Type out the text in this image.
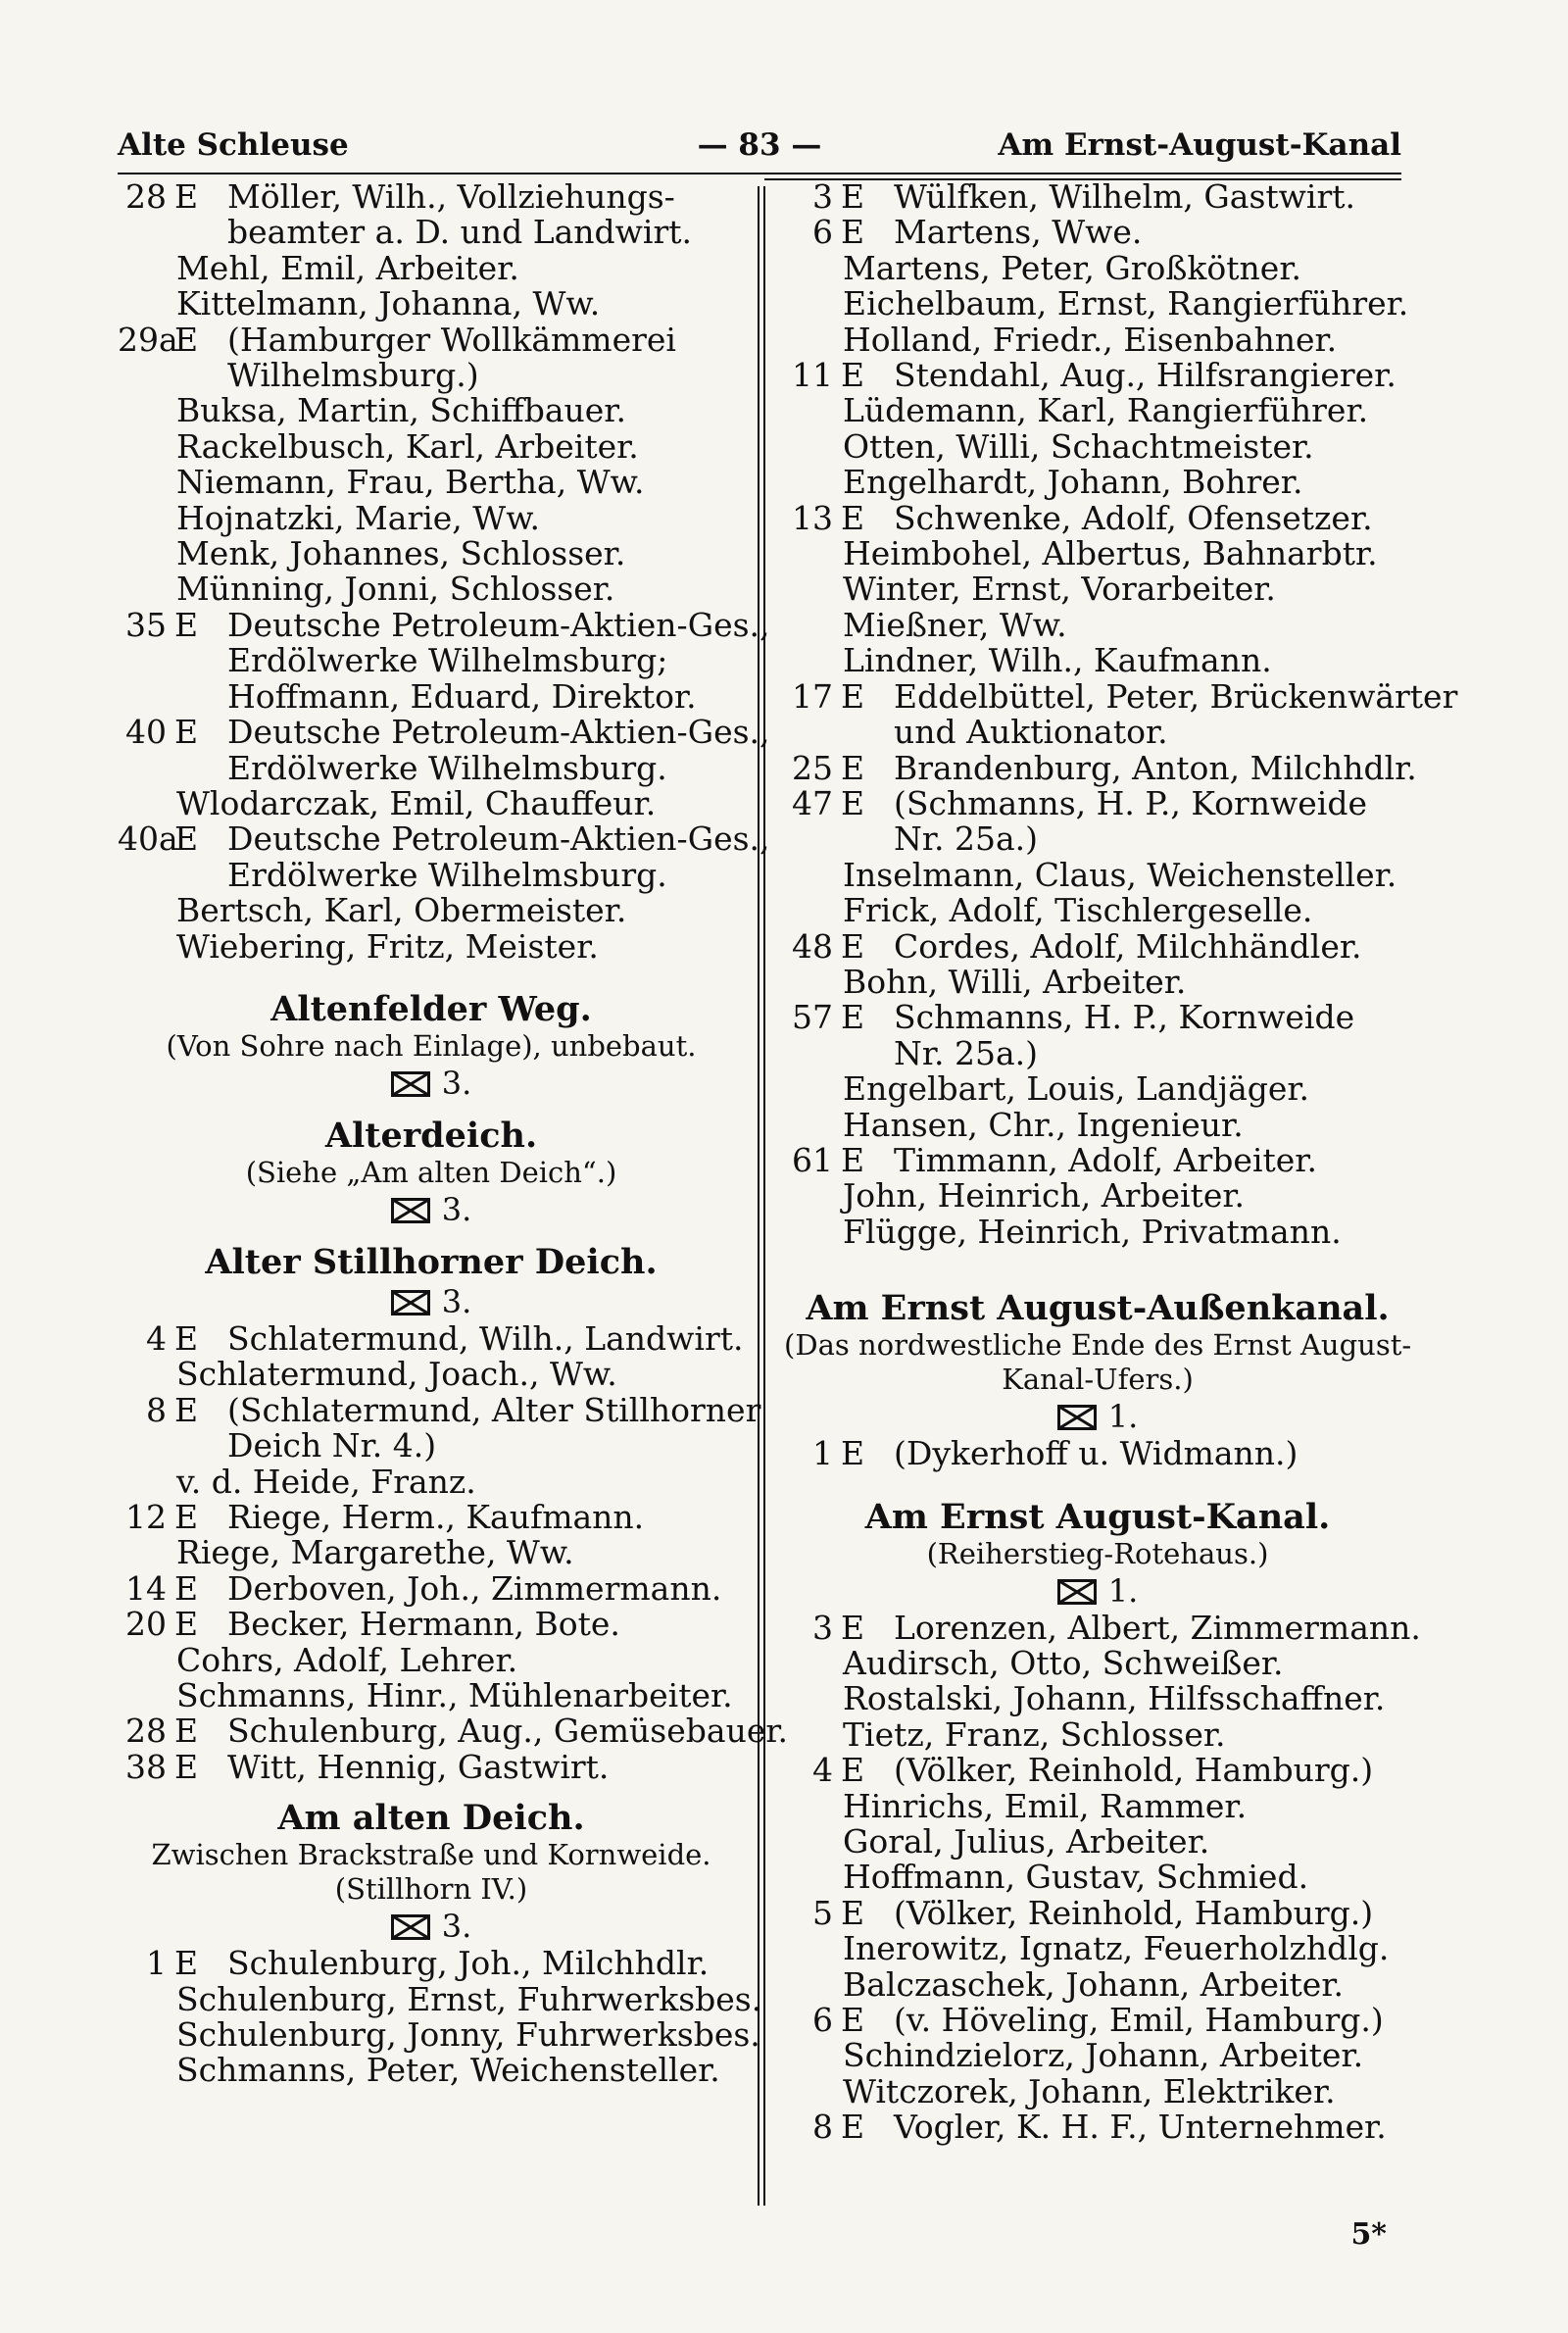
Alte Schleuse	— 83 —	Am Ernst-August-Kanal
28 E Möller, Wilh., Vollziehungs-
beamter a. D. und Landwirt.
Mehl, Emil, Arbeiter.
Kittelmann, Johanna, Ww.
29a
E (Hamburger Wollkämmerei
Wilhelmsburg.)
Buksa, Martin, Schiffbauer.
Rackelbusch, Karl, Arbeiter.
Niemann, Frau, Bertha, Ww.
Hojnatzki, Marie, Ww.
Menk, Johannes, Schlosser.
Münning, Jonni, Schlosser.
35 E Deutsche Petroleum-Aktien-Ges.,
Erdölwerke Wilhelmsburg;
Hoffmann, Eduard, Direktor.
40 E Deutsche Petroleum-Aktien-Ges.,
Erdölwerke Wilhelmsburg.
Wlodarczak, Emil, Chauffeur.
40a
E Deutsche Petroleum-Aktien-Ges.,
Erdölwerke Wilhelmsburg.
Bertsch, Karl, Obermeister.
Wiebering, Fritz, Meister.
Altenfelder Weg.
(Von Sohre nach Einlage), unbebaut.
3.
Alterdeich.
(Siehe „Am alten Deich“.)
3.
Alter Stillhorner Deich.
3.
4 E Schlatermund, Wilh., Landwirt.
Schlatermund, Joach., Ww.
8 E (Schlatermund, Alter Stillhorner
Deich Nr. 4.)
v. d. Heide, Franz.
12 E Riege, Herm., Kaufmann.
Riege, Margarethe, Ww.
14 E Derboven, Joh., Zimmermann.
20 E Becker, Hermann, Bote.
Cohrs, Adolf, Lehrer.
Schmanns, Hinr., Mühlenarbeiter.
28 E Schulenburg, Aug., Gemüsebauer.
38 E Witt, Hennig, Gastwirt.
Am alten Deich.
Zwischen Brackstraße und Kornweide.
(Stillhorn IV.)
3.
1 E Schulenburg, Joh., Milchhdlr.
Schulenburg, Ernst, Fuhrwerksbes.
Schulenburg, Jonny, Fuhrwerksbes.
Schmanns, Peter, Weichensteller.
3 E Wülfken, Wilhelm, Gastwirt.
6 E Martens, Wwe.
Martens, Peter, Großkötner.
Eichelbaum, Ernst, Rangierführer.
Holland, Friedr., Eisenbahner.
11 E Stendahl, Aug., Hilfsrangierer.
Lüdemann, Karl, Rangierführer.
Otten, Willi, Schachtmeister.
Engelhardt, Johann, Bohrer.
13 E Schwenke, Adolf, Ofensetzer.
Heimbohel, Albertus, Bahnarbtr.
Winter, Ernst, Vorarbeiter.
Mießner, Ww.
Lindner, Wilh., Kaufmann.
17 E Eddelbüttel, Peter, Brückenwärter
und Auktionator.
25 E Brandenburg, Anton, Milchhdlr.
47 E (Schmanns, H. P., Kornweide
Nr. 25a.)
Inselmann, Claus, Weichensteller.
Frick, Adolf, Tischlergeselle.
48 E Cordes, Adolf, Milchhändler.
Bohn, Willi, Arbeiter.
57 E Schmanns, H. P., Kornweide
Nr. 25a.)
Engelbart, Louis, Landjäger.
Hansen, Chr., Ingenieur.
61 E Timmann, Adolf, Arbeiter.
John, Heinrich, Arbeiter.
Flügge, Heinrich, Privatmann.
Am Ernst August-Außenkanal.
(Das nordwestliche Ende des Ernst August-
Kanal-Ufers.)
1.
1 E (Dykerhoff u. Widmann.)
Am Ernst August-Kanal.
(Reiherstieg-Rotehaus.)
1.
3 E Lorenzen, Albert, Zimmermann.
Audirsch, Otto, Schweißer.
Rostalski, Johann, Hilfsschaffner.
Tietz, Franz, Schlosser.
4 E (Völker, Reinhold, Hamburg.)
Hinrichs, Emil, Rammer.
Goral, Julius, Arbeiter.
Hoffmann, Gustav, Schmied.
5 E (Völker, Reinhold, Hamburg.)
Inerowitz, Ignatz, Feuerholzhdlg.
Balczaschek, Johann, Arbeiter.
6 E (v. Höveling, Emil, Hamburg.)
Schindzielorz, Johann, Arbeiter.
Witczorek, Johann, Elektriker.
8 E Vogler, K. H. F., Unternehmer.
5*
